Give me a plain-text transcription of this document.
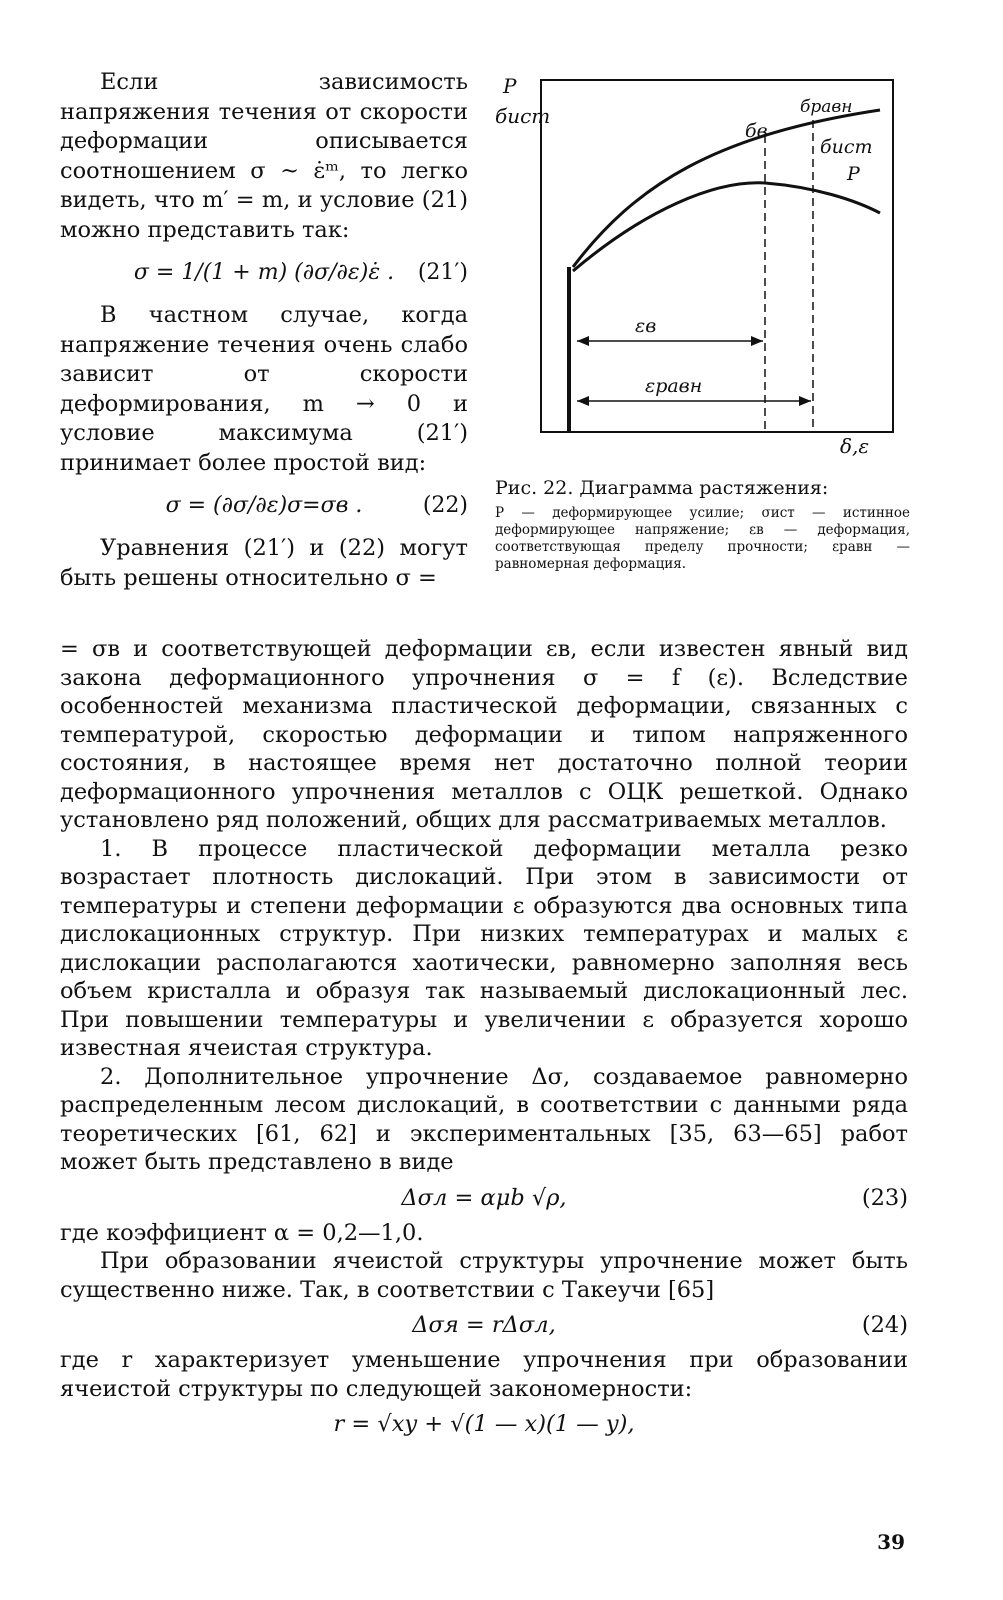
Если зависимость напряжения течения от скорости деформации описывается соотношением σ ~ ε̇ᵐ, то легко видеть, что m′ = m, и условие (21) можно представить так:

σ = 1/(1 + m) (∂σ/∂ε)ε̇ . (21′)

В частном случае, когда напряжение течения очень слабо зависит от скорости деформирования, m → 0 и условие максимума (21′) принимает более простой вид:

σ = (∂σ/∂ε)σ=σв .	(22)

Уравнения (21′) и (22) могут быть решены относительно σ =

P
бист
бв
бравн
бист
P
εв
εравн
δ,ε

Рис. 22. Диаграмма растяжения:

P — деформирующее усилие; σист — истинное деформирующее напряжение; εв — деформация, соответствующая пределу прочности; εравн — равномерная деформация.

= σв и соответствующей деформации εв, если известен явный вид закона деформационного упрочнения σ = f (ε). Вследствие особенностей механизма пластической деформации, связанных с температурой, скоростью деформации и типом напряженного состояния, в настоящее время нет достаточно полной теории деформационного упрочнения металлов с ОЦК решеткой. Однако установлено ряд положений, общих для рассматриваемых металлов.

1. В процессе пластической деформации металла резко возрастает плотность дислокаций. При этом в зависимости от температуры и степени деформации ε образуются два основных типа дислокационных структур. При низких температурах и малых ε дислокации располагаются хаотически, равномерно заполняя весь объем кристалла и образуя так называемый дислокационный лес. При повышении температуры и увеличении ε образуется хорошо известная ячеистая структура.

2. Дополнительное упрочнение Δσ, создаваемое равномерно распределенным лесом дислокаций, в соответствии с данными ряда теоретических [61, 62] и экспериментальных [35, 63—65] работ может быть представлено в виде

Δσл = αμb √ρ,	(23)

где коэффициент α = 0,2—1,0.

При образовании ячеистой структуры упрочнение может быть существенно ниже. Так, в соответствии с Такеучи [65]

Δσя = rΔσл,	(24)

где r характеризует уменьшение упрочнения при образовании ячеистой структуры по следующей закономерности:

r = √xy + √(1 — x)(1 — y),
39
